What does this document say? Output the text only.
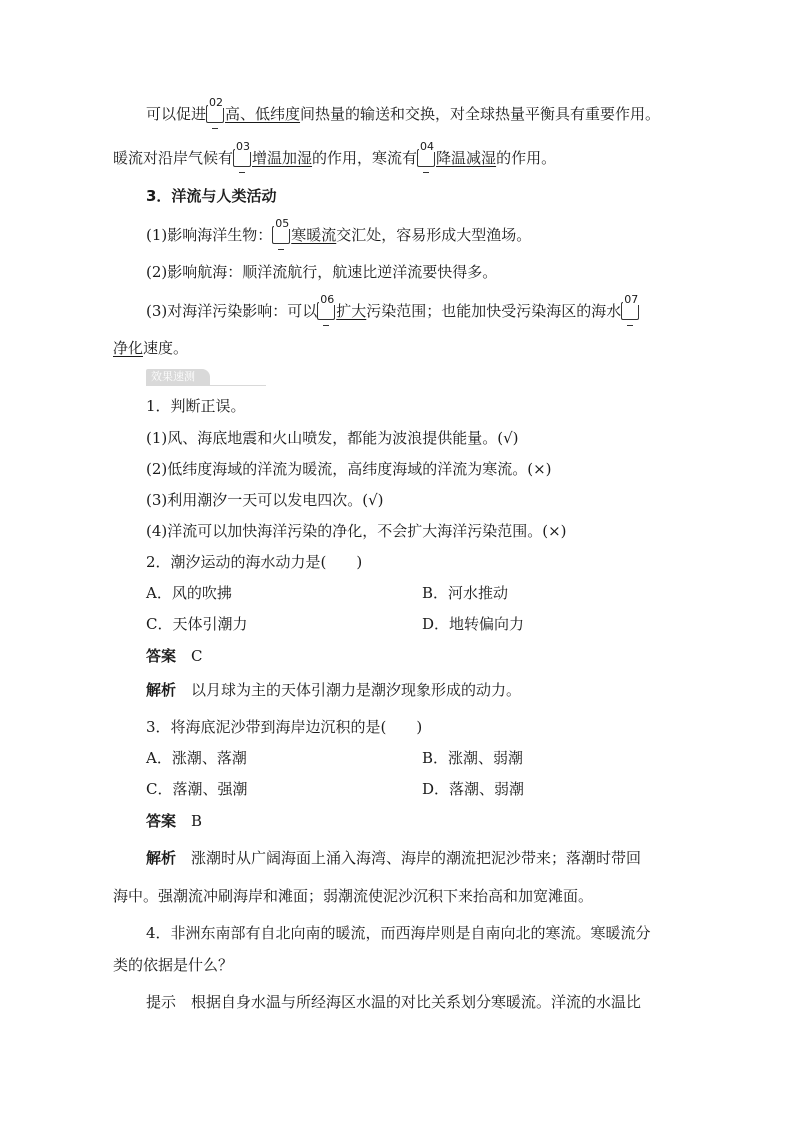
可以促进
02
高、低纬度间热量的输送和交换，对全球热量平衡具有重要作用。
暖流对沿岸气候有
03
增温加湿的作用，寒流有
04
降温减湿的作用。
3．洋流与人类活动
(1)影响海洋生物：
05
寒暖流交汇处，容易形成大型渔场。
(2)影响航海：顺洋流航行，航速比逆洋流要快得多。
(3)对海洋污染影响：可以
06
扩大污染范围；也能加快受污染海区的海水
07
净化速度。
效果速测
1．判断正误。
(1)风、海底地震和火山喷发，都能为波浪提供能量。(√)
(2)低纬度海域的洋流为暖流，高纬度海域的洋流为寒流。(×)
(3)利用潮汐一天可以发电四次。(√)
(4)洋流可以加快海洋污染的净化，不会扩大海洋污染范围。(×)
2．潮汐运动的海水动力是(　　)
A．风的吹拂	B．河水推动
C．天体引潮力	D．地转偏向力
答案　 C
解析　 以月球为主的天体引潮力是潮汐现象形成的动力。
3．将海底泥沙带到海岸边沉积的是(　　)
A．涨潮、落潮	B．涨潮、弱潮
C．落潮、强潮	D．落潮、弱潮
答案　 B
解析　 涨潮时从广阔海面上涌入海湾、海岸的潮流把泥沙带来；落潮时带回
海中。强潮流冲刷海岸和滩面；弱潮流使泥沙沉积下来抬高和加宽滩面。
4．非洲东南部有自北向南的暖流，而西海岸则是自南向北的寒流。寒暖流分
类的依据是什么？
提示　 根据自身水温与所经海区水温的对比关系划分寒暖流。洋流的水温比
